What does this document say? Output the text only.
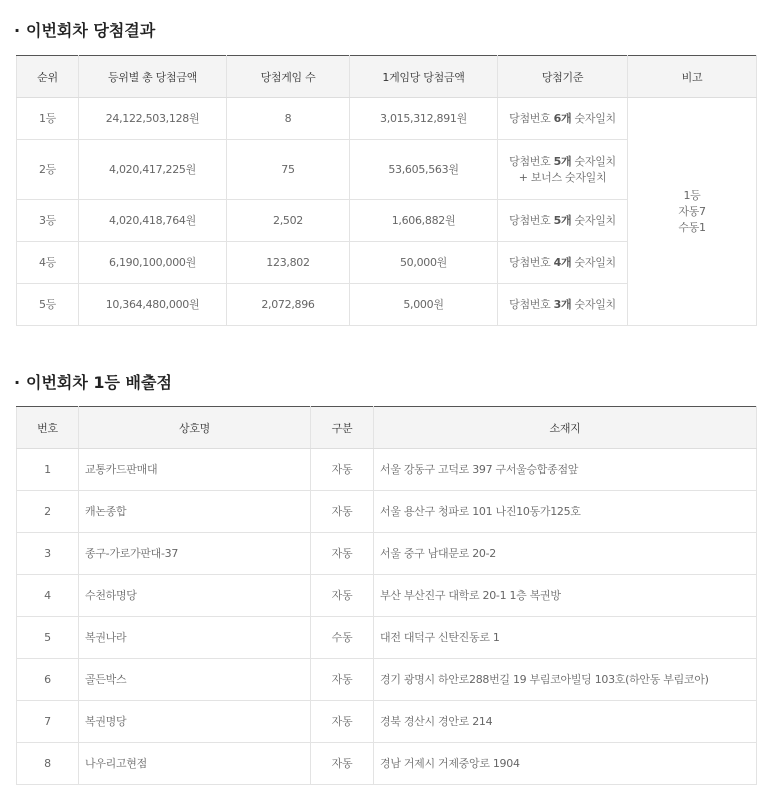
· 이번회차 당첨결과
순위	등위별 총 당첨금액	당첨게임 수	1게임당 당첨금액	당첨기준	비고
1등	24,122,503,128원	8	3,015,312,891원	당첨번호 6개 숫자일치	1등
자동7
수동1

2등	4,020,417,225원	75	53,605,563원	당첨번호 5개 숫자일치
+ 보너스 숫자일치	

3등	4,020,418,764원	2,502	1,606,882원	당첨번호 5개 숫자일치	
4등	6,190,100,000원	123,802	50,000원	당첨번호 4개 숫자일치	
5등	10,364,480,000원	2,072,896	5,000원	당첨번호 3개 숫자일치	
· 이번회차 1등 배출점
번호	상호명	구분	소재지
1	교통카드판매대	자동	서울 강동구 고덕로 397 구서울승합종점앞
2	캐논종합	자동	서울 용산구 청파로 101 나진10동가125호
3	종구-가로가판대-37	자동	서울 중구 남대문로 20-2
4	수천하명당	자동	부산 부산진구 대학로 20-1 1층 복권방
5	복권나라	수동	대전 대덕구 신탄진동로 1
6	골든박스	자동	경기 광명시 하안로288번길 19 부림코아빌딩 103호(하안동 부림코아)
7	복권명당	자동	경북 경산시 경안로 214
8	나우리고현점	자동	경남 거제시 거제중앙로 1904
